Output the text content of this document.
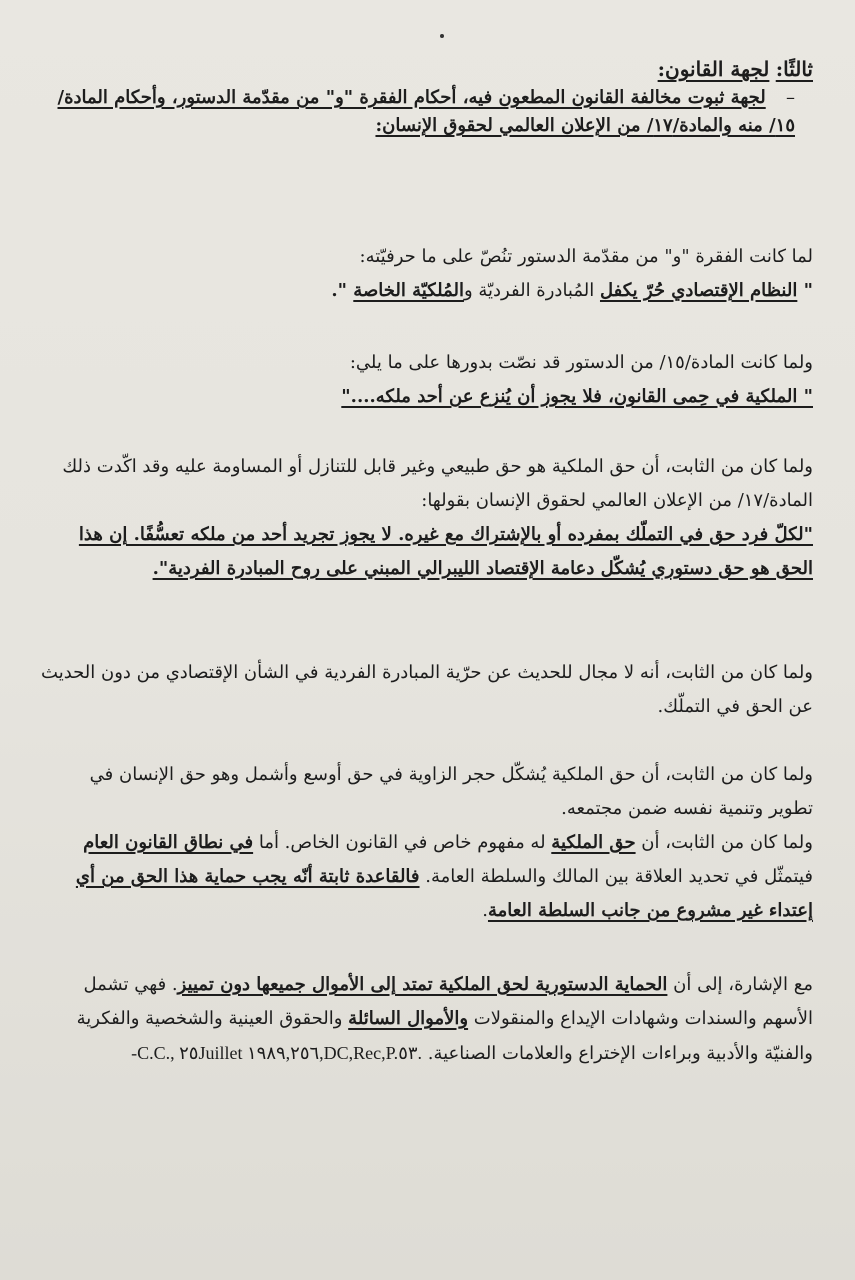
ثالثًا: لجهة القانون:

– لجهة ثبوت مخالفة القانون المطعون فيه، أحكام الفقرة "و" من مقدّمة الدستور، وأحكام المادة/١٥/ منه والمادة/١٧/ من الإعلان العالمي لحقوق الإنسان:

لما كانت الفقرة "و" من مقدّمة الدستور تنُصّ على ما حرفيّته:

" النظام الإقتصادي حُرّ يكفل المُبادرة الفرديّة والمُلكيّة الخاصة ".

ولما كانت المادة/١٥/ من الدستور قد نصّت بدورها على ما يلي:

" الملكية في حِمى القانون، فلا يجوز أن يُنزع عن أحد ملكه...."

ولما كان من الثابت، أن حق الملكية هو حق طبيعي وغير قابل للتنازل أو المساومة عليه وقد اكّدت ذلك المادة/١٧/ من الإعلان العالمي لحقوق الإنسان بقولها:

"لكلّ فرد حق في التملّك بمفرده أو بالإشتراك مع غيره. لا يجوز تجريد أحد من ملكه تعسُّفًا. إن هذا الحق هو حق دستوري يُشكّل دعامة الإقتصاد الليبرالي المبني على روح المبادرة الفردية".

ولما كان من الثابت، أنه لا مجال للحديث عن حرّية المبادرة الفردية في الشأن الإقتصادي من دون الحديث عن الحق في التملّك.

ولما كان من الثابت، أن حق الملكية يُشكّل حجر الزاوية في حق أوسع وأشمل وهو حق الإنسان في تطوير وتنمية نفسه ضمن مجتمعه.

ولما كان من الثابت، أن حق الملكية له مفهوم خاص في القانون الخاص. أما في نطاق القانون العام فيتمثّل في تحديد العلاقة بين المالك والسلطة العامة. فالقاعدة ثابتة أنّه يجب حماية هذا الحق من أي إعتداء غير مشروع من جانب السلطة العامة.

مع الإشارة، إلى أن الحماية الدستورية لحق الملكية تمتد إلى الأموال جميعها دون تمييز. فهي تشمل الأسهم والسندات وشهادات الإيداع والمنقولات والأموال السائلة والحقوق العينية والشخصية والفكرية والفنيّة والأدبية وبراءات الإختراع والعلامات الصناعية. -C.C., ٢٥Juillet ١٩٨٩,٢٥٦,DC,Rec,P.٥٣.
